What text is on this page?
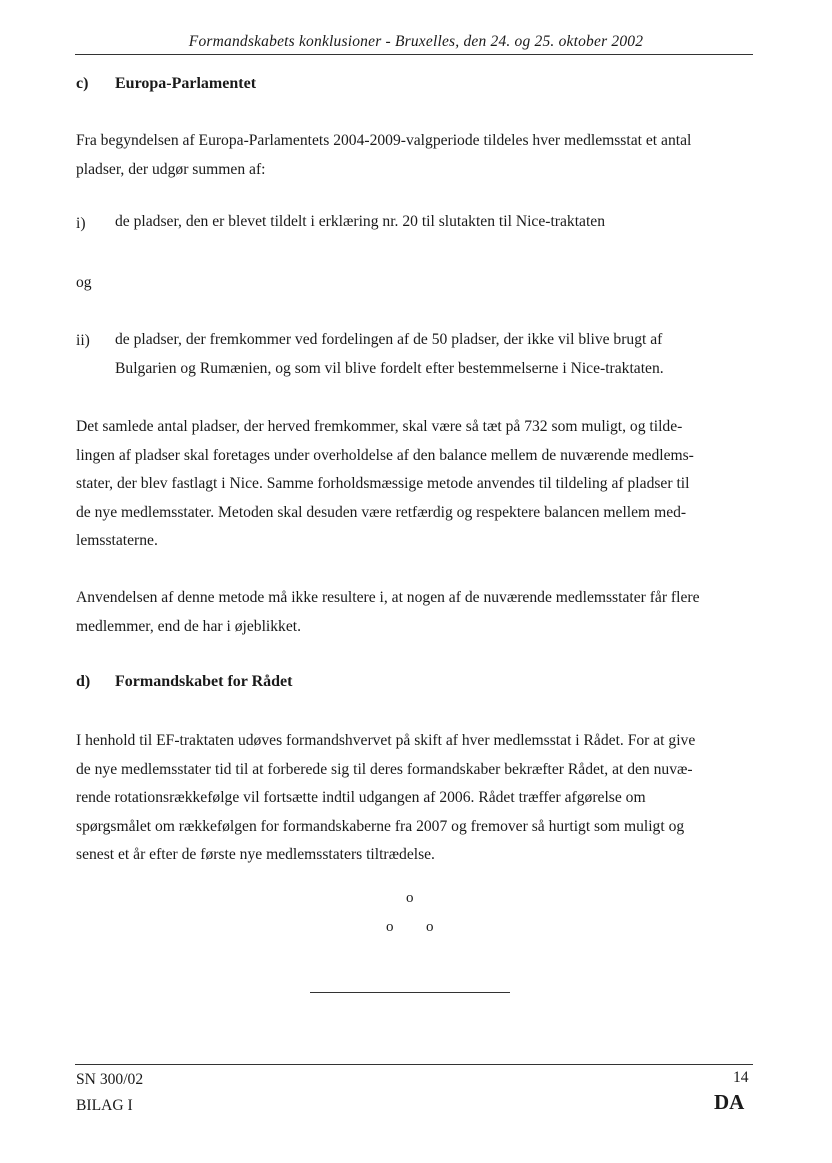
Formandskabets konklusioner - Bruxelles, den 24. og 25. oktober 2002
c) Europa-Parlamentet
Fra begyndelsen af Europa-Parlamentets 2004-2009-valgperiode tildeles hver medlemsstat et antal
pladser, der udgør summen af:
i) de pladser, den er blevet tildelt i erklæring nr. 20 til slutakten til Nice-traktaten
og
ii) de pladser, der fremkommer ved fordelingen af de 50 pladser, der ikke vil blive brugt af
Bulgarien og Rumænien, og som vil blive fordelt efter bestemmelserne i Nice-traktaten.
Det samlede antal pladser, der herved fremkommer, skal være så tæt på 732 som muligt, og tilde-
lingen af pladser skal foretages under overholdelse af den balance mellem de nuværende medlems-
stater, der blev fastlagt i Nice. Samme forholdsmæssige metode anvendes til tildeling af pladser til
de nye medlemsstater. Metoden skal desuden være retfærdig og respektere balancen mellem med-
lemsstaterne.
Anvendelsen af denne metode må ikke resultere i, at nogen af de nuværende medlemsstater får flere
medlemmer, end de har i øjeblikket.
d) Formandskabet for Rådet
I henhold til EF-traktaten udøves formandshvervet på skift af hver medlemsstat i Rådet. For at give
de nye medlemsstater tid til at forberede sig til deres formandskaber bekræfter Rådet, at den nuvæ-
rende rotationsrækkefølge vil fortsætte indtil udgangen af 2006. Rådet træffer afgørelse om
spørgsmålet om rækkefølgen for formandskaberne fra 2007 og fremover så hurtigt som muligt og
senest et år efter de første nye medlemsstaters tiltrædelse.
o
o o
SN 300/02
BILAG I
14
DA
